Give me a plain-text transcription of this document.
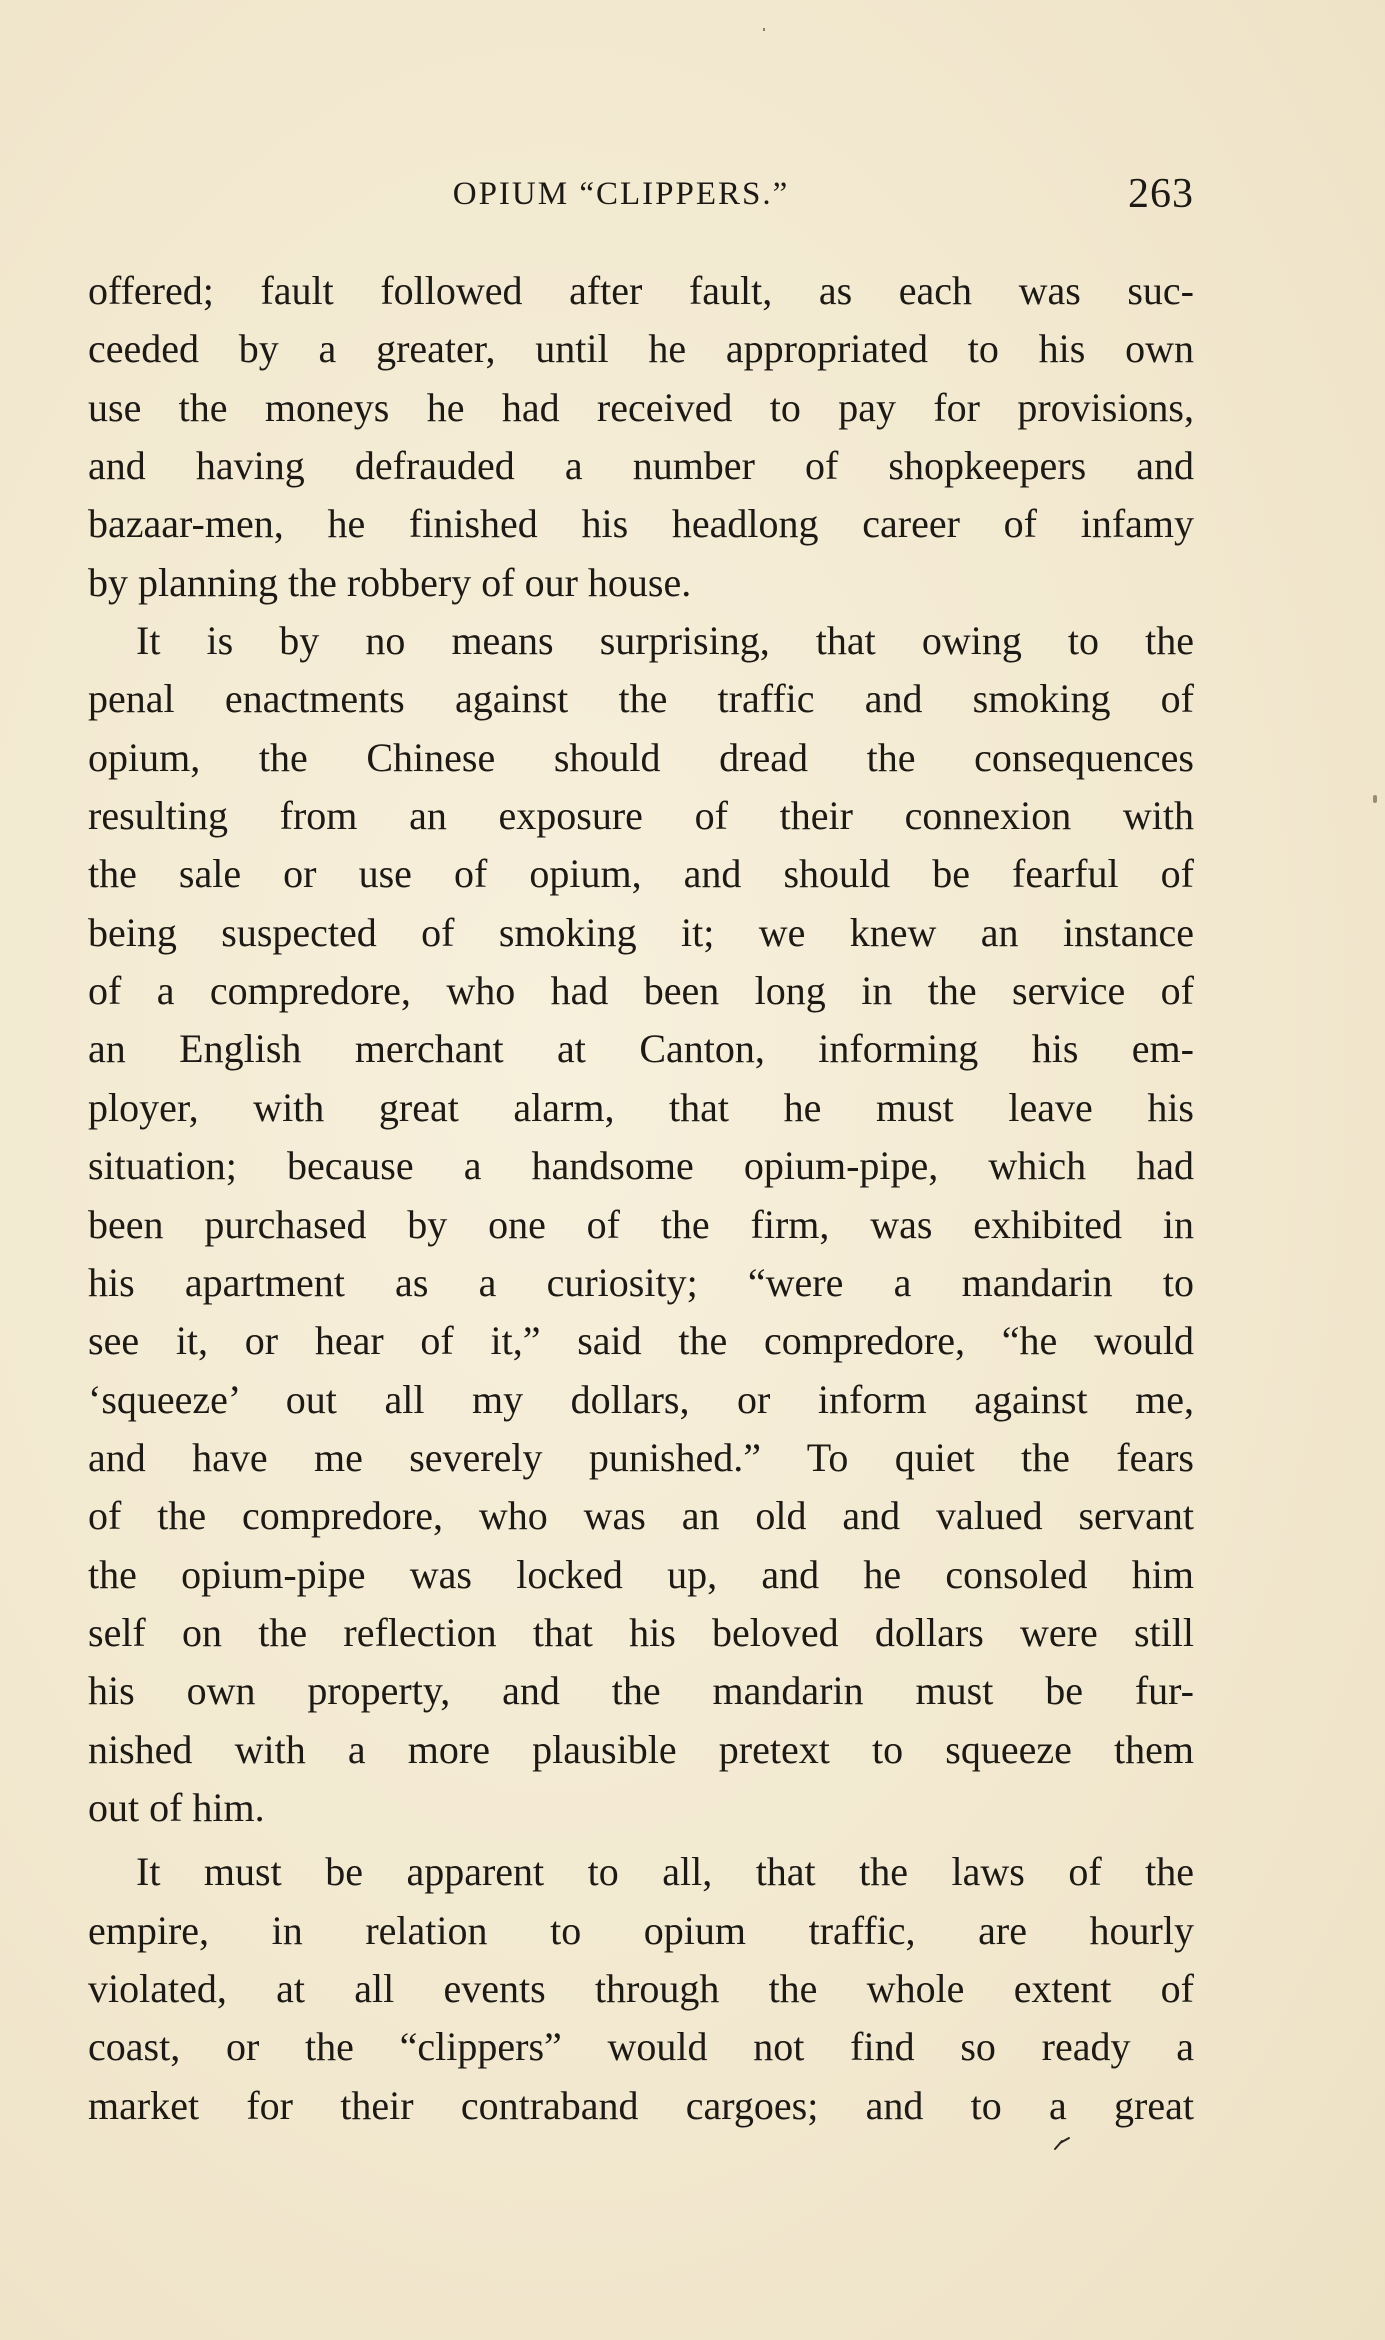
OPIUM “CLIPPERS.”	263
offered; fault followed after fault, as each was suc-
ceeded by a greater, until he appropriated to his own
use the moneys he had received to pay for provisions,
and having defrauded a number of shopkeepers and
bazaar-men, he finished his headlong career of infamy
by planning the robbery of our house.
It is by no means surprising, that owing to the
penal enactments against the traffic and smoking of
opium, the Chinese should dread the consequences
resulting from an exposure of their connexion with
the sale or use of opium, and should be fearful of
being suspected of smoking it; we knew an instance
of a compredore, who had been long in the service of
an English merchant at Canton, informing his em-
ployer, with great alarm, that he must leave his
situation; because a handsome opium-pipe, which had
been purchased by one of the firm, was exhibited in
his apartment as a curiosity; “were a mandarin to
see it, or hear of it,” said the compredore, “he would
‘squeeze’ out all my dollars, or inform against me,
and have me severely punished.” To quiet the fears
of the compredore, who was an old and valued servant
the opium-pipe was locked up, and he consoled him
self on the reflection that his beloved dollars were still
his own property, and the mandarin must be fur-
nished with a more plausible pretext to squeeze them
out of him.
It must be apparent to all, that the laws of the
empire, in relation to opium traffic, are hourly
violated, at all events through the whole extent of
coast, or the “clippers” would not find so ready a
market for their contraband cargoes; and to a great
